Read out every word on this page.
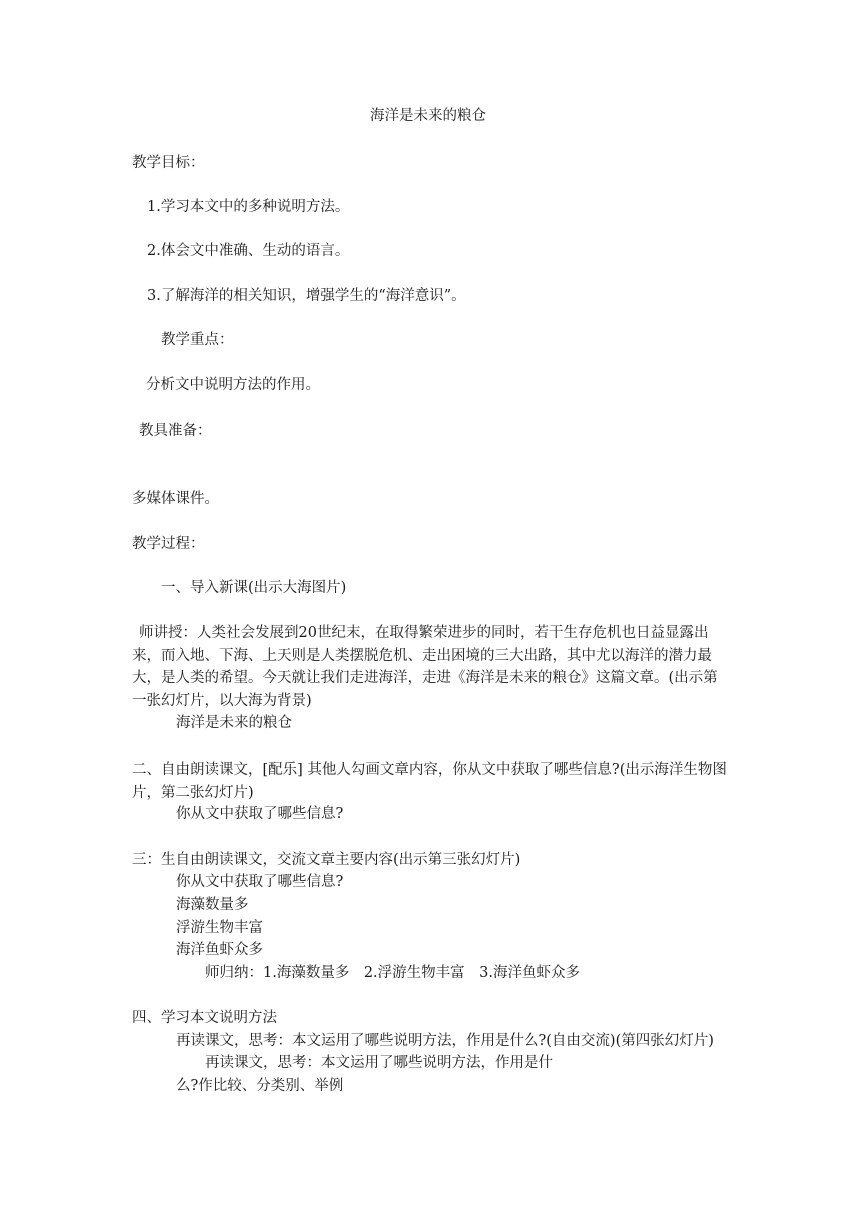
海洋是未来的粮仓

教学目标：

1.学习本文中的多种说明方法。

2.体会文中准确、生动的语言。

3.了解海洋的相关知识，增强学生的“海洋意识”。

教学重点：

分析文中说明方法的作用。

教具准备：

多媒体课件。

教学过程：

一、导入新课(出示大海图片)

师讲授：人类社会发展到20世纪末，在取得繁荣进步的同时，若干生存危机也日益显露出来，而入地、下海、上天则是人类摆脱危机、走出困境的三大出路，其中尤以海洋的潜力最大，是人类的希望。今天就让我们走进海洋，走进《海洋是未来的粮仓》这篇文章。(出示第一张幻灯片，以大海为背景)

海洋是未来的粮仓

二、自由朗读课文，[配乐] 其他人勾画文章内容，你从文中获取了哪些信息?(出示海洋生物图片，第二张幻灯片)

你从文中获取了哪些信息?

三：生自由朗读课文，交流文章主要内容(出示第三张幻灯片)

你从文中获取了哪些信息?

海藻数量多

浮游生物丰富

海洋鱼虾众多

师归纳：1.海藻数量多　2.浮游生物丰富　3.海洋鱼虾众多

四、学习本文说明方法

再读课文，思考：本文运用了哪些说明方法，作用是什么?(自由交流)(第四张幻灯片)

再读课文，思考：本文运用了哪些说明方法，作用是什

么?作比较、分类别、举例
